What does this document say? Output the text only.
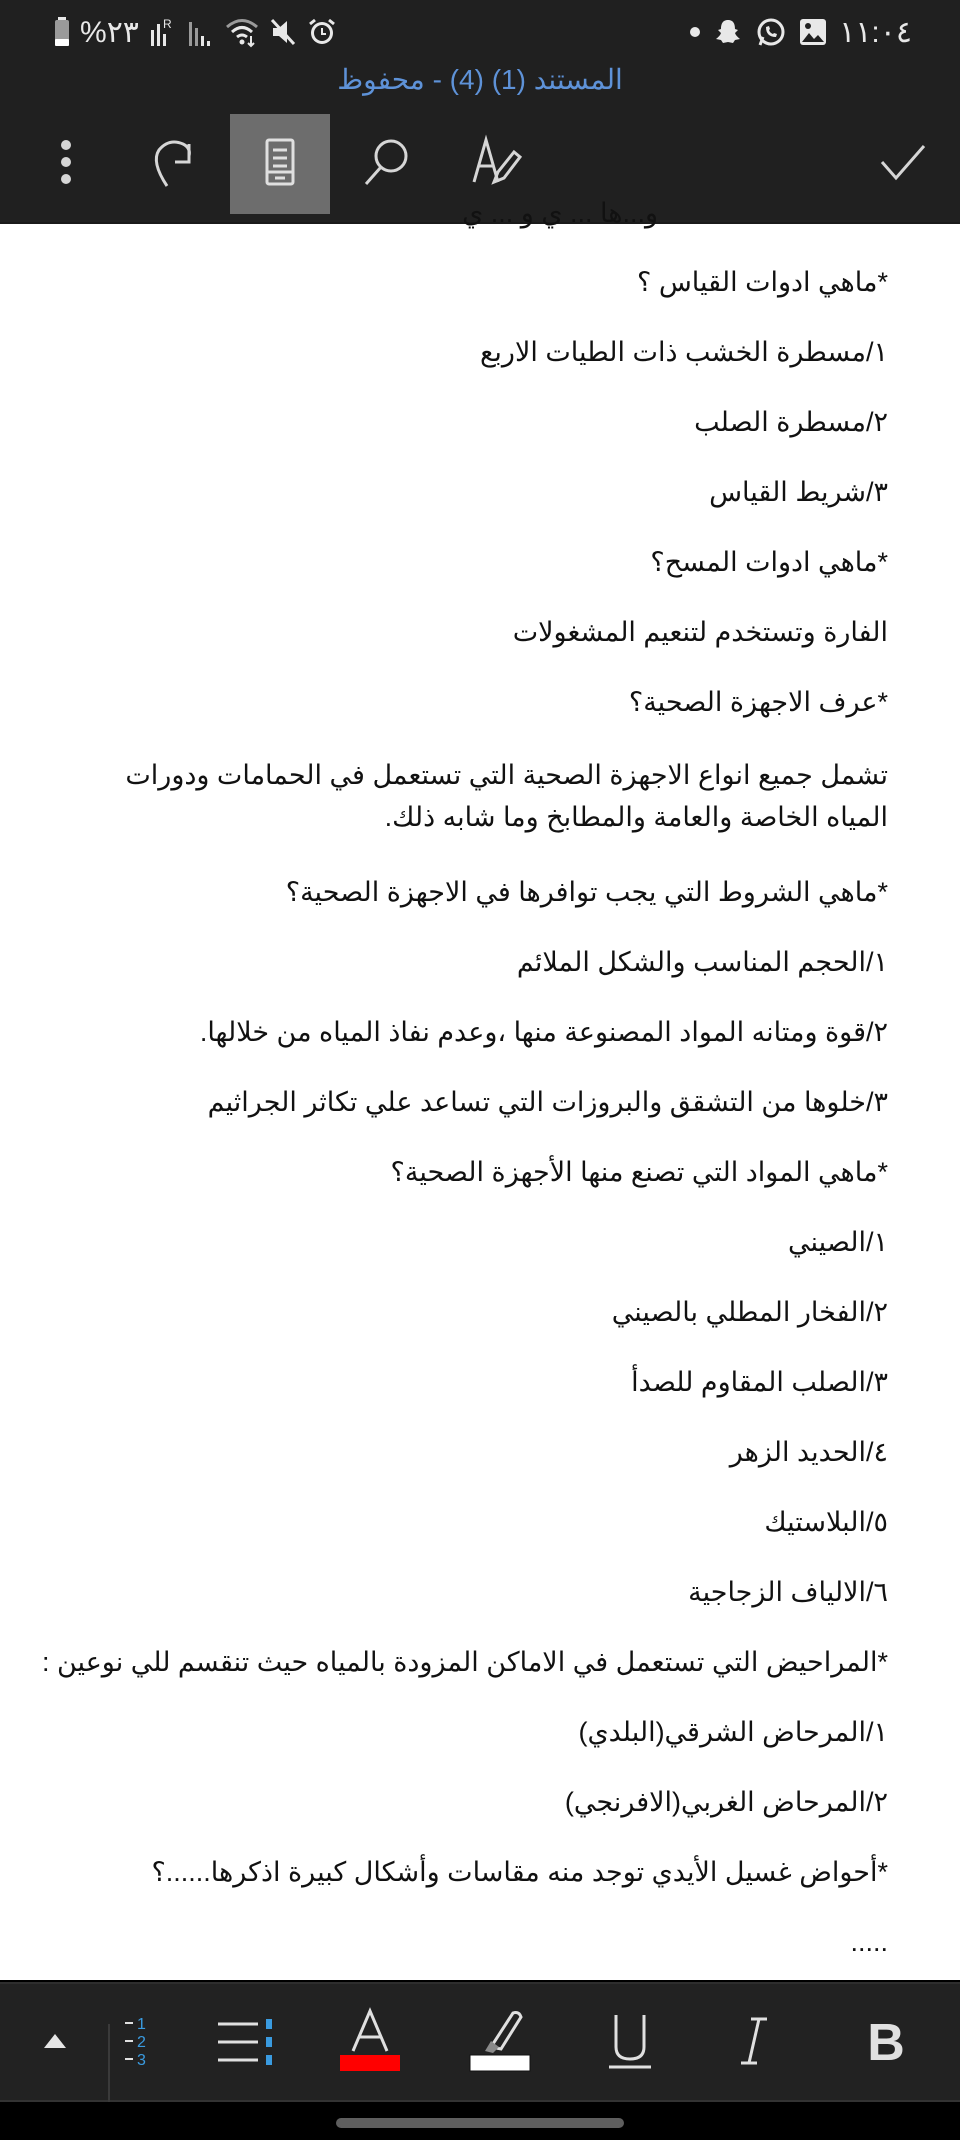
%٢٣ R	١١:٠٤
المستند (1) (4) - محفوظ
و...ها ... ي و ... ي
*ماهي ادوات القياس ؟
١/مسطرة الخشب ذات الطيات الاربع
٢/مسطرة الصلب
٣/شريط القياس
*ماهي ادوات المسح؟
الفارة وتستخدم لتنعيم المشغولات
*عرف الاجهزة الصحية؟
تشمل جميع انواع الاجهزة الصحية التي تستعمل في الحمامات ودورات المياه الخاصة والعامة والمطابخ وما شابه ذلك.
*ماهي الشروط التي يجب توافرها في الاجهزة الصحية؟
١/الحجم المناسب والشكل الملائم
٢/قوة ومتانه المواد المصنوعة منها ،وعدم نفاذ المياه من خلالها.
٣/خلوها من التشقق والبروزات التي تساعد علي تكاثر الجراثيم
*ماهي المواد التي تصنع منها الأجهزة الصحية؟
١/الصيني
٢/الفخار المطلي بالصيني
٣/الصلب المقاوم للصدأ
٤/الحديد الزهر
٥/البلاستيك
٦/الالياف الزجاجية
*المراحيض التي تستعمل في الاماكن المزودة بالمياه حيث تنقسم للي نوعين :
١/المرحاض الشرقي(البلدي)
٢/المرحاض الغربي(الافرنجي)
*أحواض غسيل الأيدي توجد منه مقاسات وأشكال كبيرة اذكرها......؟
.....
1
2
3	B
